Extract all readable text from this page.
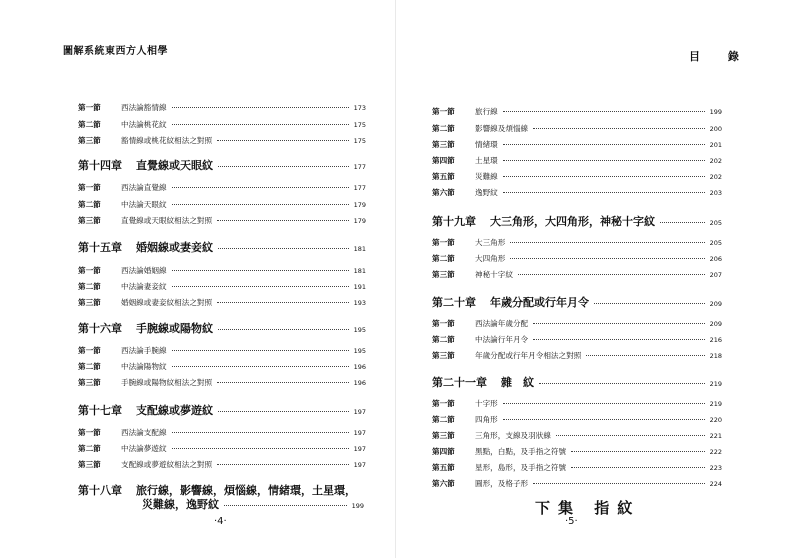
圖解系統東西方人相學
第一節	西法論豁情線	173
第二節	中法論桃花紋	175
第三節	豁情線或桃花紋相法之對照	175
第十四章 直覺線或天眼紋	177
第一節	西法論直覺線	177
第二節	中法論天眼紋	179
第三節	直覺線或天眼紋相法之對照	179
第十五章 婚姻線或妻妾紋	181
第一節	西法論婚姻線	181
第二節	中法論妻妾紋	191
第三節	婚姻線或妻妾紋相法之對照	193
第十六章 手腕線或陽物紋	195
第一節	西法論手腕線	195
第二節	中法論陽物紋	196
第三節	手腕線或陽物紋相法之對照	196
第十七章 支配線或夢遊紋	197
第一節	西法論支配線	197
第二節	中法論夢遊紋	197
第三節	支配線或夢遊紋相法之對照	197
第十八章 旅行線，影響線，煩惱線，情緒環，土星環，
災難線，逸野紋	199
·4·
目 錄
第一節	旅行線	199
第二節	影響線及煩惱線	200
第三節	情緒環	201
第四節	土星環	202
第五節	災難線	202
第六節	逸野紋	203
第十九章 大三角形，大四角形，神秘十字紋	205
第一節	大三角形	205
第二節	大四角形	206
第三節	神秘十字紋	207
第二十章 年歲分配或行年月令	209
第一節	西法論年歲分配	209
第二節	中法論行年月令	216
第三節	年歲分配或行年月令相法之對照	218
第二十一章 雜　紋	219
第一節	十字形	219
第二節	四角形	220
第三節	三角形，支線及羽狀線	221
第四節	黑點，白點，及手指之符號	222
第五節	星形，島形，及手指之符號	223
第六節	圓形，及格子形	224
下集 指紋
·5·
